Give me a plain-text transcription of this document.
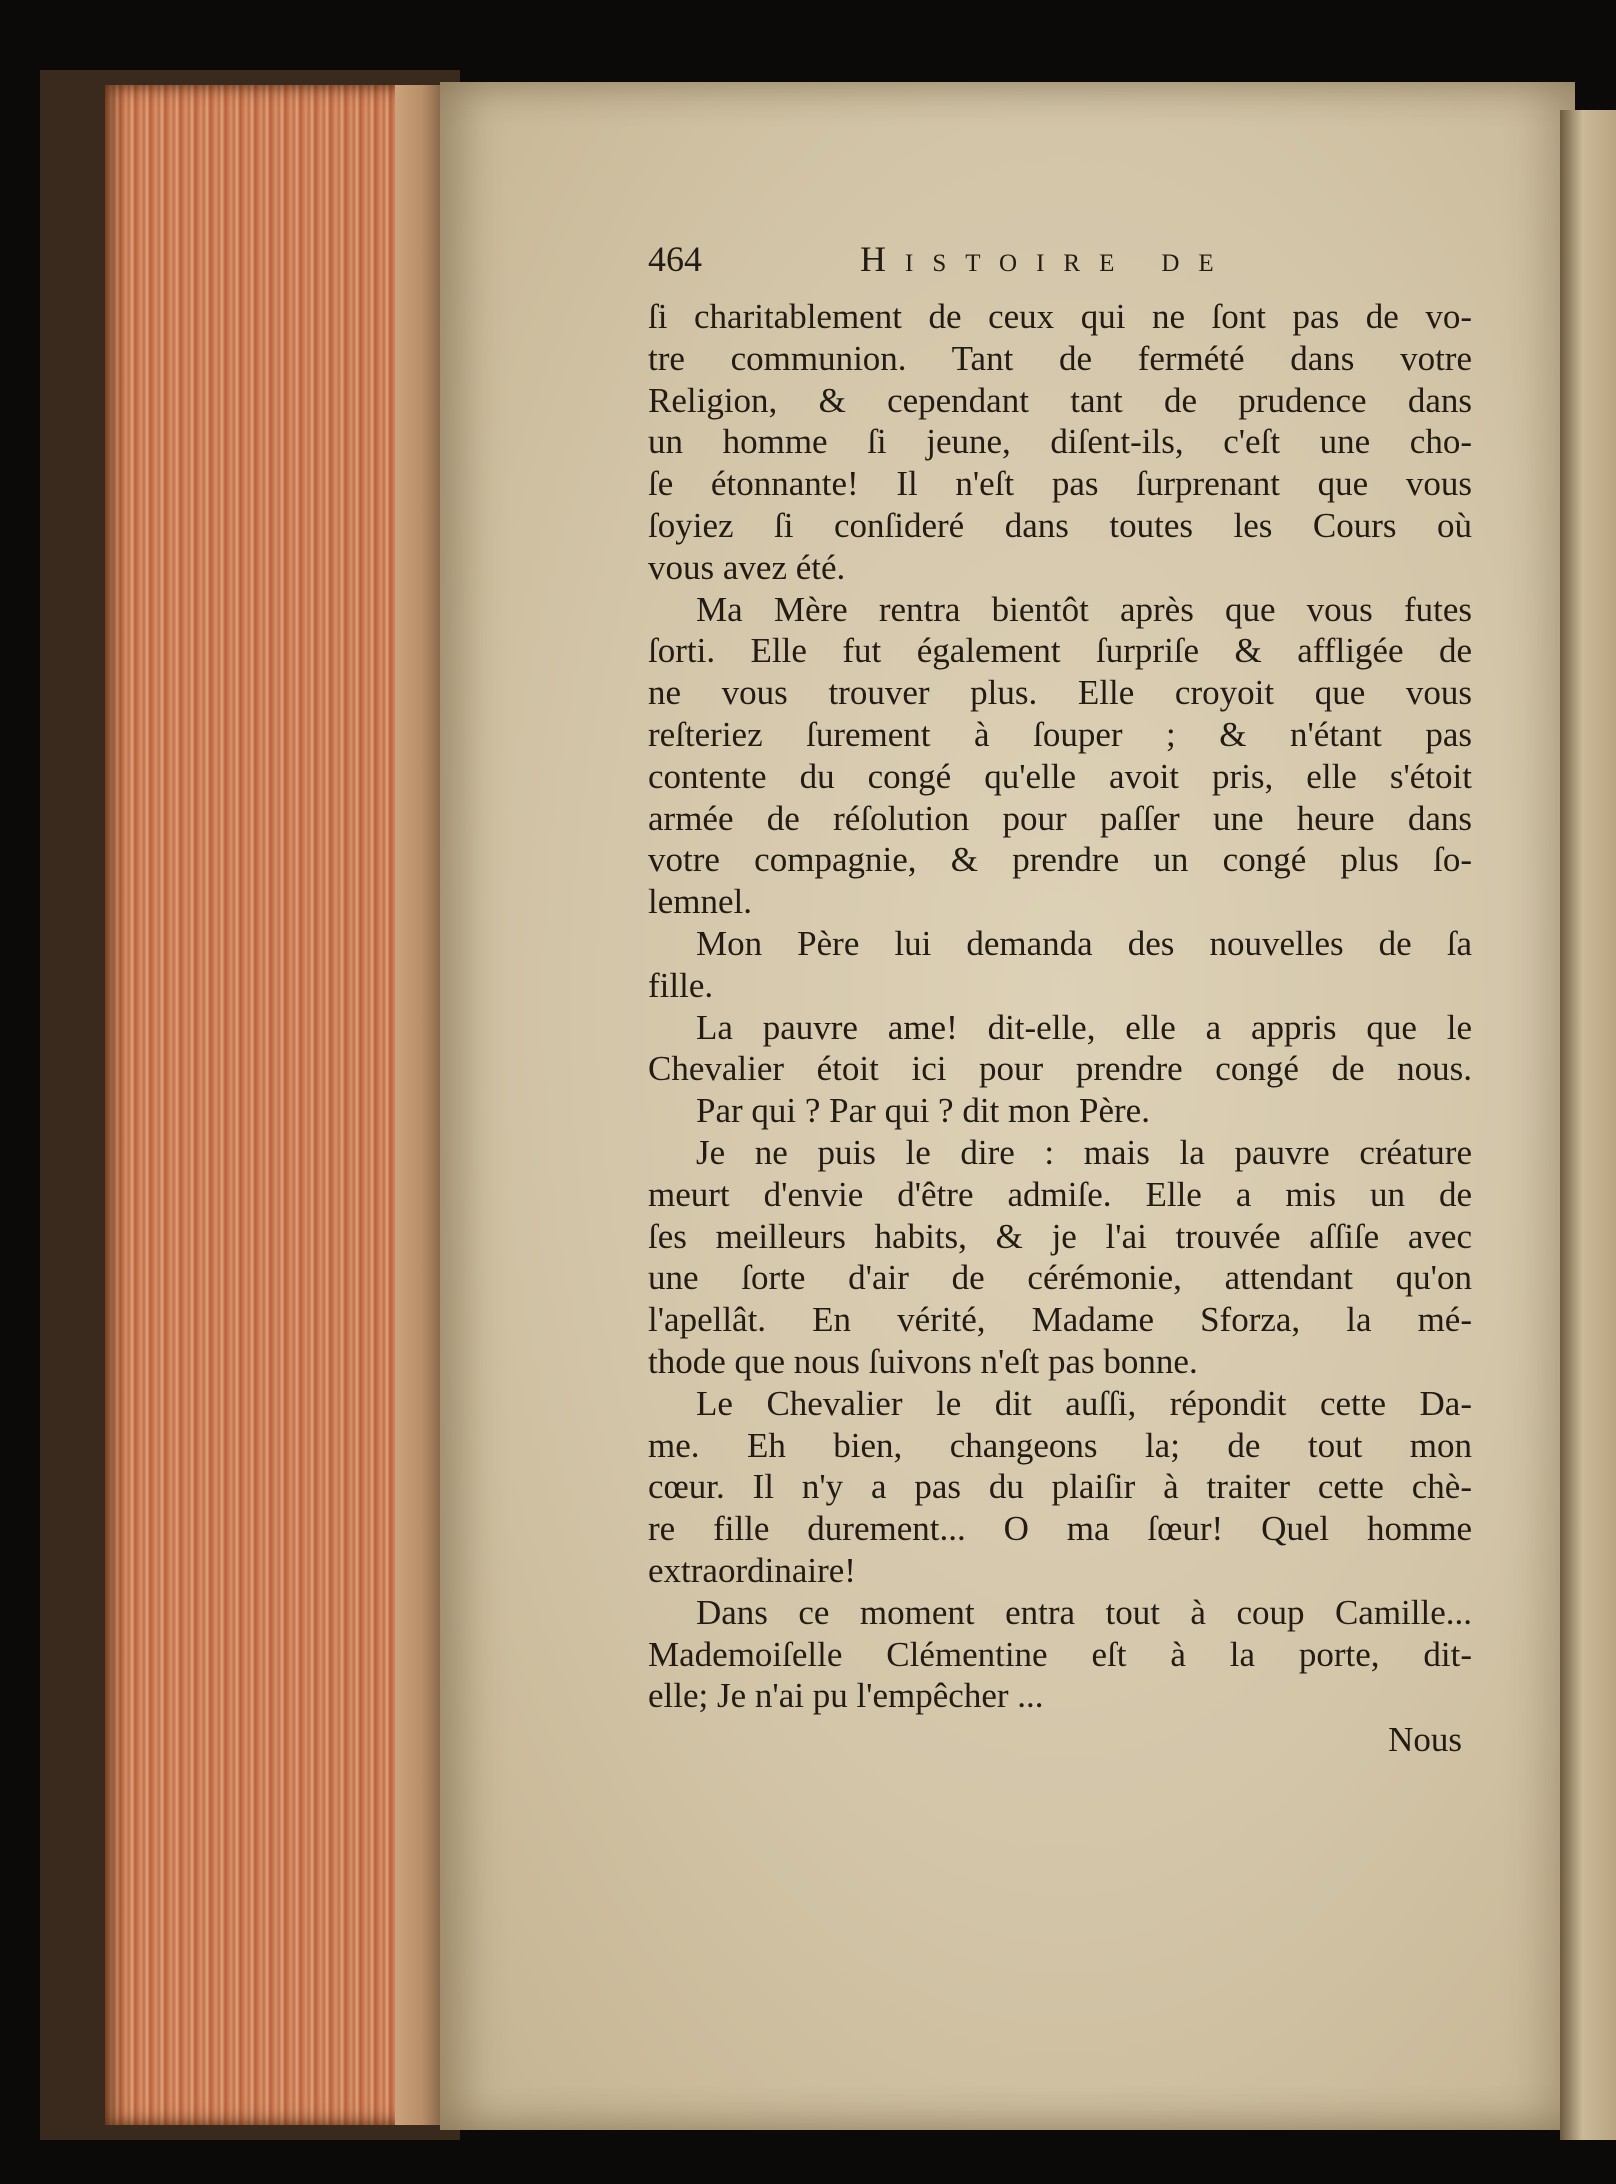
464	Histoire de
ſi charitablement de ceux qui ne ſont pas de vo-
tre communion. Tant de fermété dans votre
Religion, & cependant tant de prudence dans
un homme ſi jeune, diſent-ils, c'eſt une cho-
ſe étonnante! Il n'eſt pas ſurprenant que vous
ſoyiez ſi conſideré dans toutes les Cours où
vous avez été.
Ma Mère rentra bientôt après que vous futes
ſorti. Elle fut également ſurpriſe & affligée de
ne vous trouver plus. Elle croyoit que vous
reſteriez ſurement à ſouper ; & n'étant pas
contente du congé qu'elle avoit pris, elle s'étoit
armée de réſolution pour paſſer une heure dans
votre compagnie, & prendre un congé plus ſo-
lemnel.
Mon Père lui demanda des nouvelles de ſa
fille.
La pauvre ame! dit-elle, elle a appris que le
Chevalier étoit ici pour prendre congé de nous.
Par qui ? Par qui ? dit mon Père.
Je ne puis le dire : mais la pauvre créature
meurt d'envie d'être admiſe. Elle a mis un de
ſes meilleurs habits, & je l'ai trouvée aſſiſe avec
une ſorte d'air de cérémonie, attendant qu'on
l'apellât. En vérité, Madame Sforza, la mé-
thode que nous ſuivons n'eſt pas bonne.
Le Chevalier le dit auſſi, répondit cette Da-
me. Eh bien, changeons la; de tout mon
cœur. Il n'y a pas du plaiſir à traiter cette chè-
re fille durement... O ma ſœur! Quel homme
extraordinaire!
Dans ce moment entra tout à coup Camille...
Mademoiſelle Clémentine eſt à la porte, dit-
elle; Je n'ai pu l'empêcher ...
Nous
